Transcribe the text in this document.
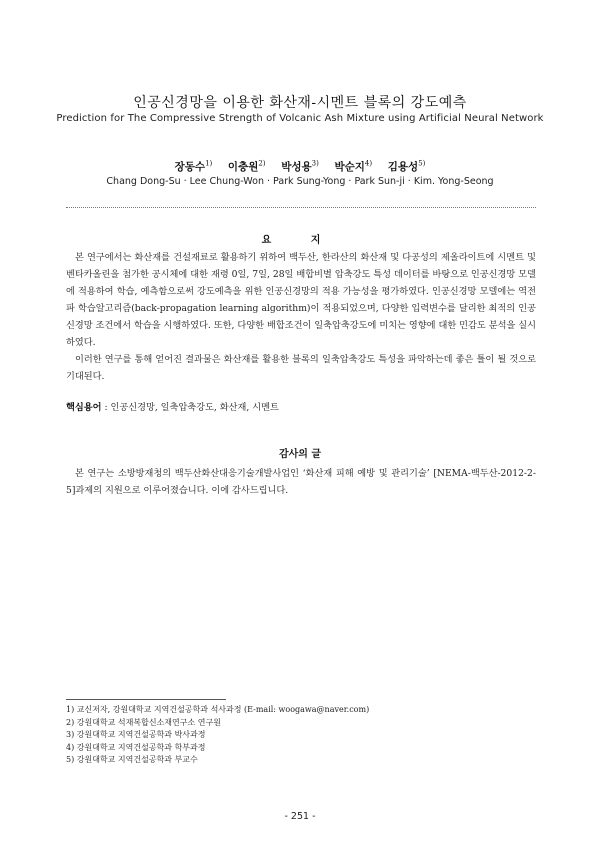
인공신경망을 이용한 화산재-시멘트 블록의 강도예측
Prediction for The Compressive Strength of Volcanic Ash Mixture using Artificial Neural Network
장동수$^{1)}$ 이충원$^{2)}$ 박성용$^{3)}$ 박순지$^{4)}$ 김용성$^{5)}$
Chang Dong-Su · Lee Chung-Won · Park Sung-Yong · Park Sun-ji · Kim. Yong-Seong
요 지
본 연구에서는 화산재를 건설재료로 활용하기 위하여 백두산, 한라산의 화산재 및 다공성의 제올라이트에 시멘트 및 벤타카올린을 첨가한 공시체에 대한 재령 0일, 7일, 28일 배합비별 압축강도 특성 데이터를 바탕으로 인공신경망 모델에 적용하여 학습, 예측함으로써 강도예측을 위한 인공신경망의 적용 가능성을 평가하였다. 인공신경망 모델에는 역전파 학습알고리즘(back-propagation learning algorithm)이 적용되었으며, 다양한 입력변수를 달리한 최적의 인공신경망 조건에서 학습을 시행하였다. 또한, 다양한 배합조건이 일축압축강도에 미치는 영향에 대한 민감도 분석을 실시하였다.
이러한 연구를 통해 얻어진 결과물은 화산재를 활용한 블록의 일축압축강도 특성을 파악하는데 좋은 틀이 될 것으로 기대된다.
핵심용어 : 인공신경망, 일축압축강도, 화산재, 시멘트
감사의 글
본 연구는 소방방재청의 백두산화산대응기술개발사업인 ‘화산재 피해 예방 및 관리기술’ [NEMA-백두산-2012-2-5]과제의 지원으로 이루어졌습니다. 이에 감사드립니다.
1) 교신저자, 강원대학교 지역건설공학과 석사과정 (E-mail: woogawa@naver.com)
2) 강원대학교 석재복합신소재연구소 연구원
3) 강원대학교 지역건설공학과 박사과정
4) 강원대학교 지역건설공학과 학부과정
5) 강원대학교 지역건설공학과 부교수
- 251 -
